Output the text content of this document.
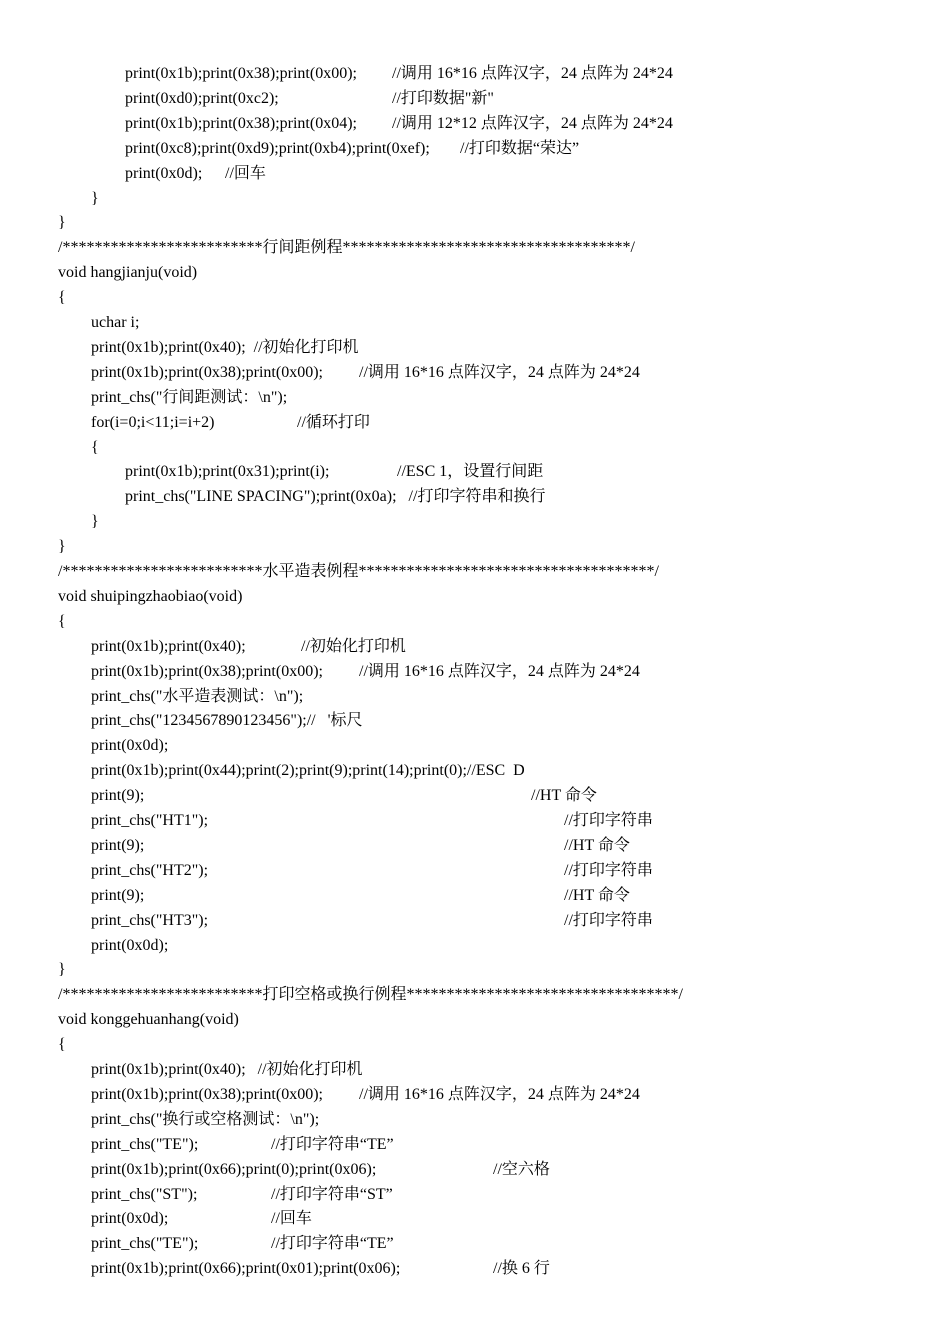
print(0x1b);print(0x38);print(0x00); //调用 16*16 点阵汉字，24 点阵为 24*24
print(0xd0);print(0xc2);	//打印数据"新"
print(0x1b);print(0x38);print(0x04); //调用 12*12 点阵汉字，24 点阵为 24*24
print(0xc8);print(0xd9);print(0xb4);print(0xef); //打印数据“荣达”
print(0x0d); //回车
}
}
/*************************行间距例程************************************/
void hangjianju(void)
{
uchar i;
print(0x1b);print(0x40);  //初始化打印机
print(0x1b);print(0x38);print(0x00); //调用 16*16 点阵汉字，24 点阵为 24*24
print_chs("行间距测试：\n");
for(i=0;i<11;i=i+2)	//循环打印
{
print(0x1b);print(0x31);print(i);	//ESC 1，设置行间距
print_chs("LINE SPACING");print(0x0a);   //打印字符串和换行
}
}
/*************************水平造表例程*************************************/
void shuipingzhaobiao(void)
{
print(0x1b);print(0x40);	//初始化打印机
print(0x1b);print(0x38);print(0x00); //调用 16*16 点阵汉字，24 点阵为 24*24
print_chs("水平造表测试：\n");
print_chs("1234567890123456");//   '标尺
print(0x0d);
print(0x1b);print(0x44);print(2);print(9);print(14);print(0);//ESC  D
print(9);	//HT 命令
print_chs("HT1");	//打印字符串
print(9);	//HT 命令
print_chs("HT2");	//打印字符串
print(9);	//HT 命令
print_chs("HT3");	//打印字符串
print(0x0d);
}
/*************************打印空格或换行例程**********************************/
void konggehuanhang(void)
{
print(0x1b);print(0x40);   //初始化打印机
print(0x1b);print(0x38);print(0x00); //调用 16*16 点阵汉字，24 点阵为 24*24
print_chs("换行或空格测试：\n");
print_chs("TE");	//打印字符串“TE”
print(0x1b);print(0x66);print(0);print(0x06);	//空六格
print_chs("ST");	//打印字符串“ST”
print(0x0d);	//回车
print_chs("TE");	//打印字符串“TE”
print(0x1b);print(0x66);print(0x01);print(0x06);	//换 6 行
